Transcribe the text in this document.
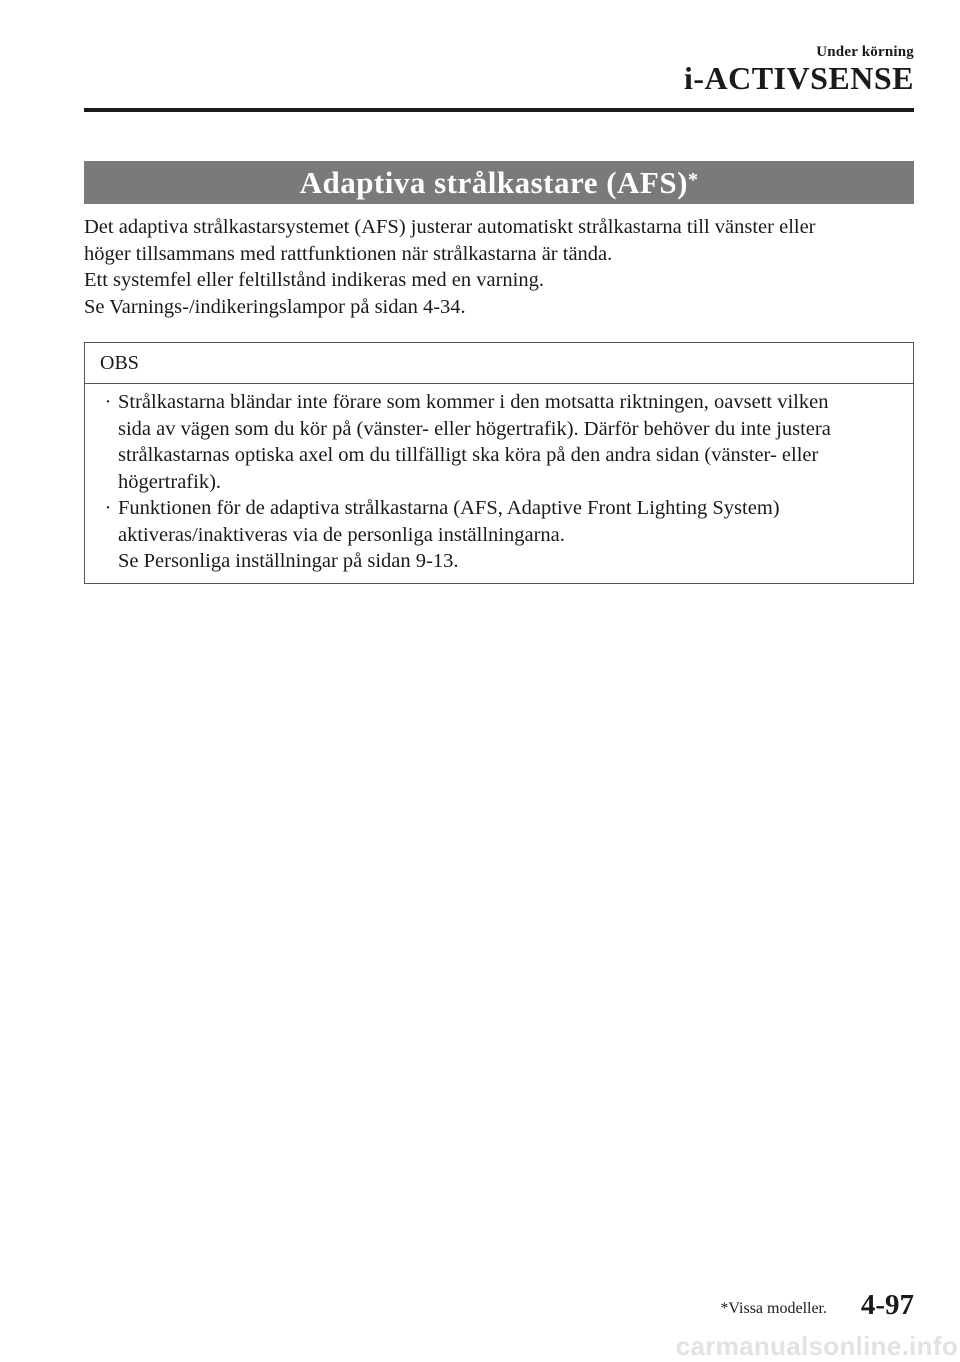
Under körning
i-ACTIVSENSE
Adaptiva strålkastare (AFS)*

Det adaptiva strålkastarsystemet (AFS) justerar automatiskt strålkastarna till vänster eller

höger tillsammans med rattfunktionen när strålkastarna är tända.

Ett systemfel eller feltillstånd indikeras med en varning.

Se Varnings-/indikeringslampor på sidan 4-34.

OBS
· Strålkastarna bländar inte förare som kommer i den motsatta riktningen, oavsett vilken
sida av vägen som du kör på (vänster- eller högertrafik). Därför behöver du inte justera
strålkastarnas optiska axel om du tillfälligt ska köra på den andra sidan (vänster- eller
högertrafik).
· Funktionen för de adaptiva strålkastarna (AFS, Adaptive Front Lighting System)
aktiveras/inaktiveras via de personliga inställningarna.
Se Personliga inställningar på sidan 9-13.
*Vissa modeller. 4-97
carmanualsonline.info
